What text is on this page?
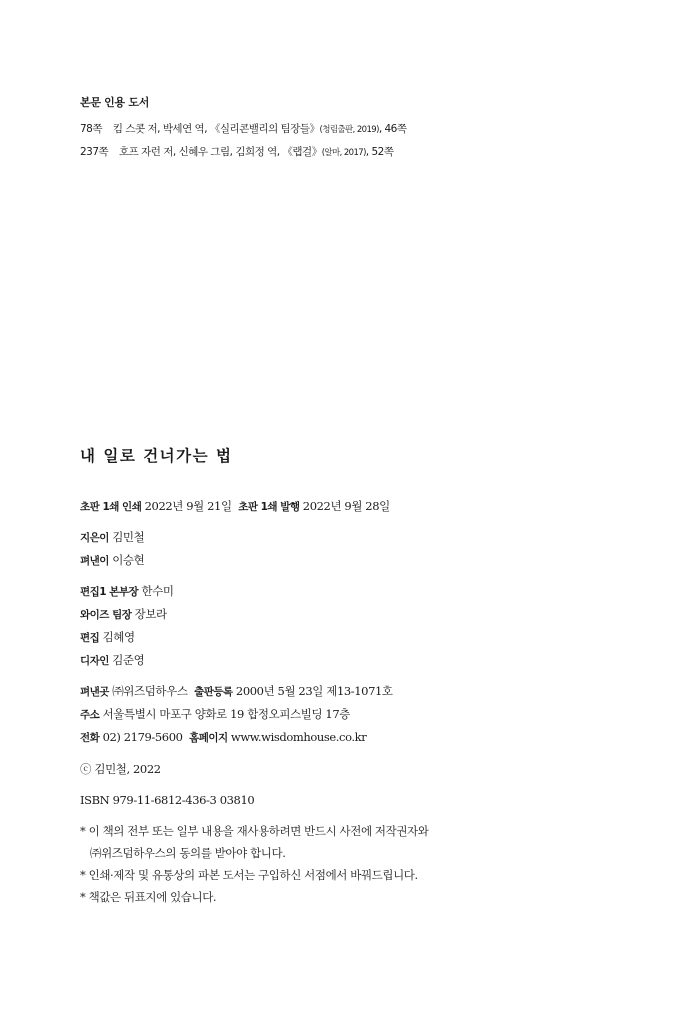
본문 인용 도서
78쪽 킴 스콧 저, 박세연 역, 《실리콘밸리의 팀장들》(청림출판, 2019), 46쪽
237쪽 호프 자런 저, 신혜우 그림, 김희정 역, 《랩걸》(알마, 2017), 52쪽
내 일로 건너가는 법
초판 1쇄 인쇄 2022년 9월 21일 초판 1쇄 발행 2022년 9월 28일
지은이 김민철
펴낸이 이승현
편집1 본부장 한수미
와이즈 팀장 장보라
편집 김혜영
디자인 김준영
펴낸곳 ㈜위즈덤하우스 출판등록 2000년 5월 23일 제13-1071호
주소 서울특별시 마포구 양화로 19 합정오피스빌딩 17층
전화 02) 2179-5600 홈페이지 www.wisdomhouse.co.kr
ⓒ 김민철, 2022
ISBN 979-11-6812-436-3 03810
* 이 책의 전부 또는 일부 내용을 재사용하려면 반드시 사전에 저작권자와
㈜위즈덤하우스의 동의를 받아야 합니다.
* 인쇄·제작 및 유통상의 파본 도서는 구입하신 서점에서 바꿔드립니다.
* 책값은 뒤표지에 있습니다.
